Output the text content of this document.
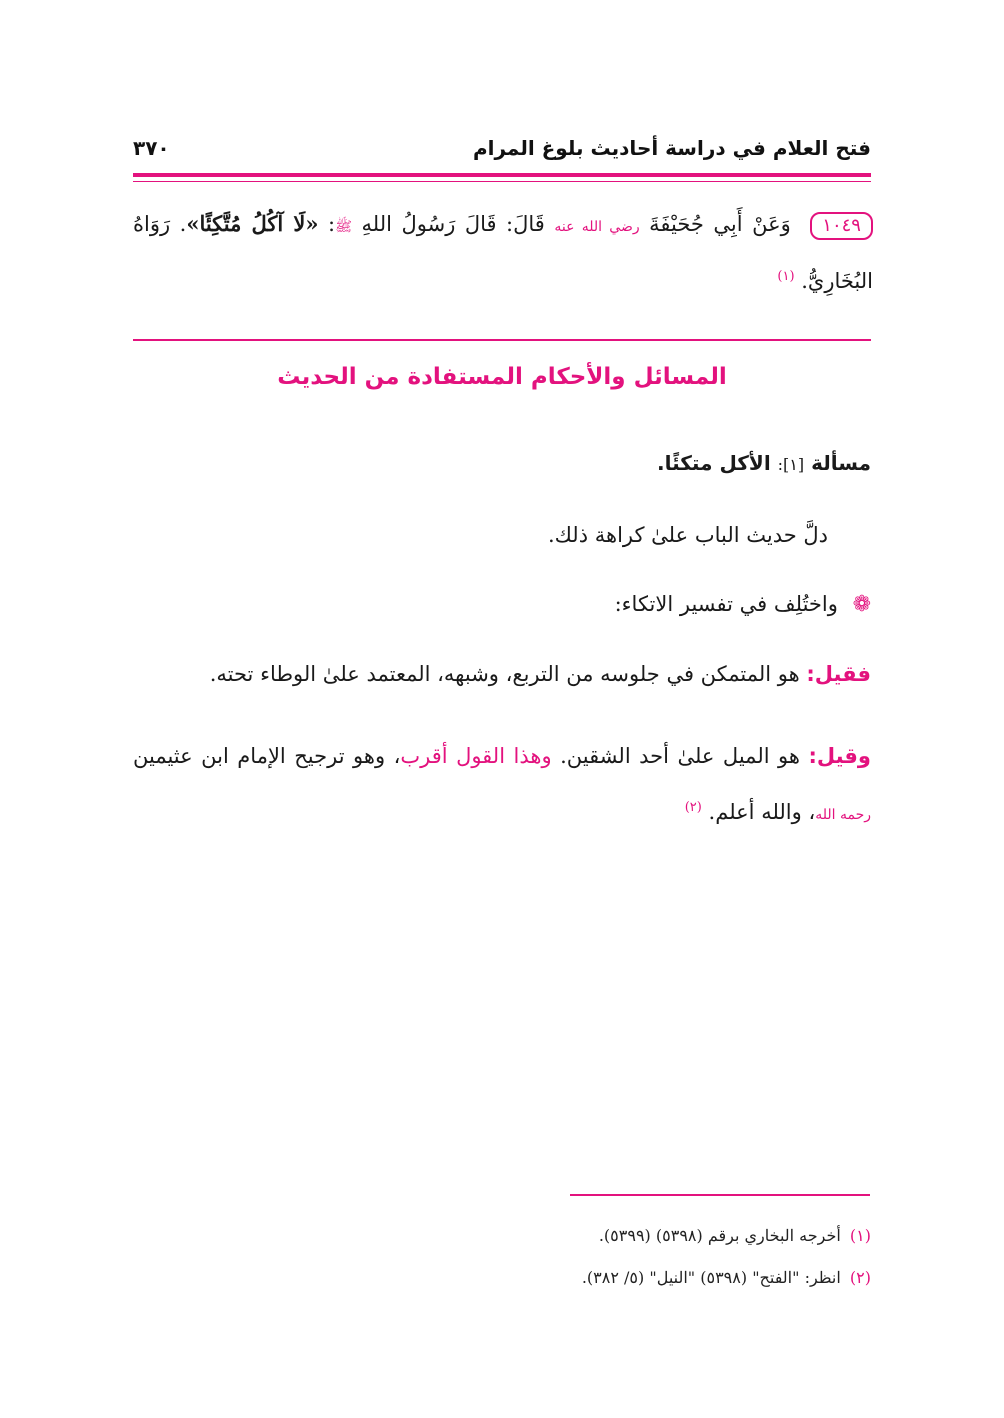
فتح العلام في دراسة أحاديث بلوغ المرام
٣٧٠
١٠٤٩ وَعَنْ أَبِي جُحَيْفَةَ رضي الله عنه قَالَ: قَالَ رَسُولُ اللهِ ﷺ: «لَا آكُلُ مُتَّكِئًا». رَوَاهُ البُخَارِيُّ. $^{(١)}$
المسائل والأحكام المستفادة من الحديث
مسألة [١]: الأكل متكئًا.
دلَّ حديث الباب علىٰ كراهة ذلك.
❁ واختُلِف في تفسير الاتكاء:
فقيل: هو المتمكن في جلوسه من التربع، وشبهه، المعتمد علىٰ الوطاء تحته.
وقيل: هو الميل علىٰ أحد الشقين. وهذا القول أقرب، وهو ترجيح الإمام ابن عثيمين رحمه الله، والله أعلم. $^{(٢)}$
(١) أخرجه البخاري برقم (٥٣٩٨) (٥٣٩٩).
(٢) انظر: "الفتح" (٥٣٩٨) "النيل" (٥/ ٣٨٢).
